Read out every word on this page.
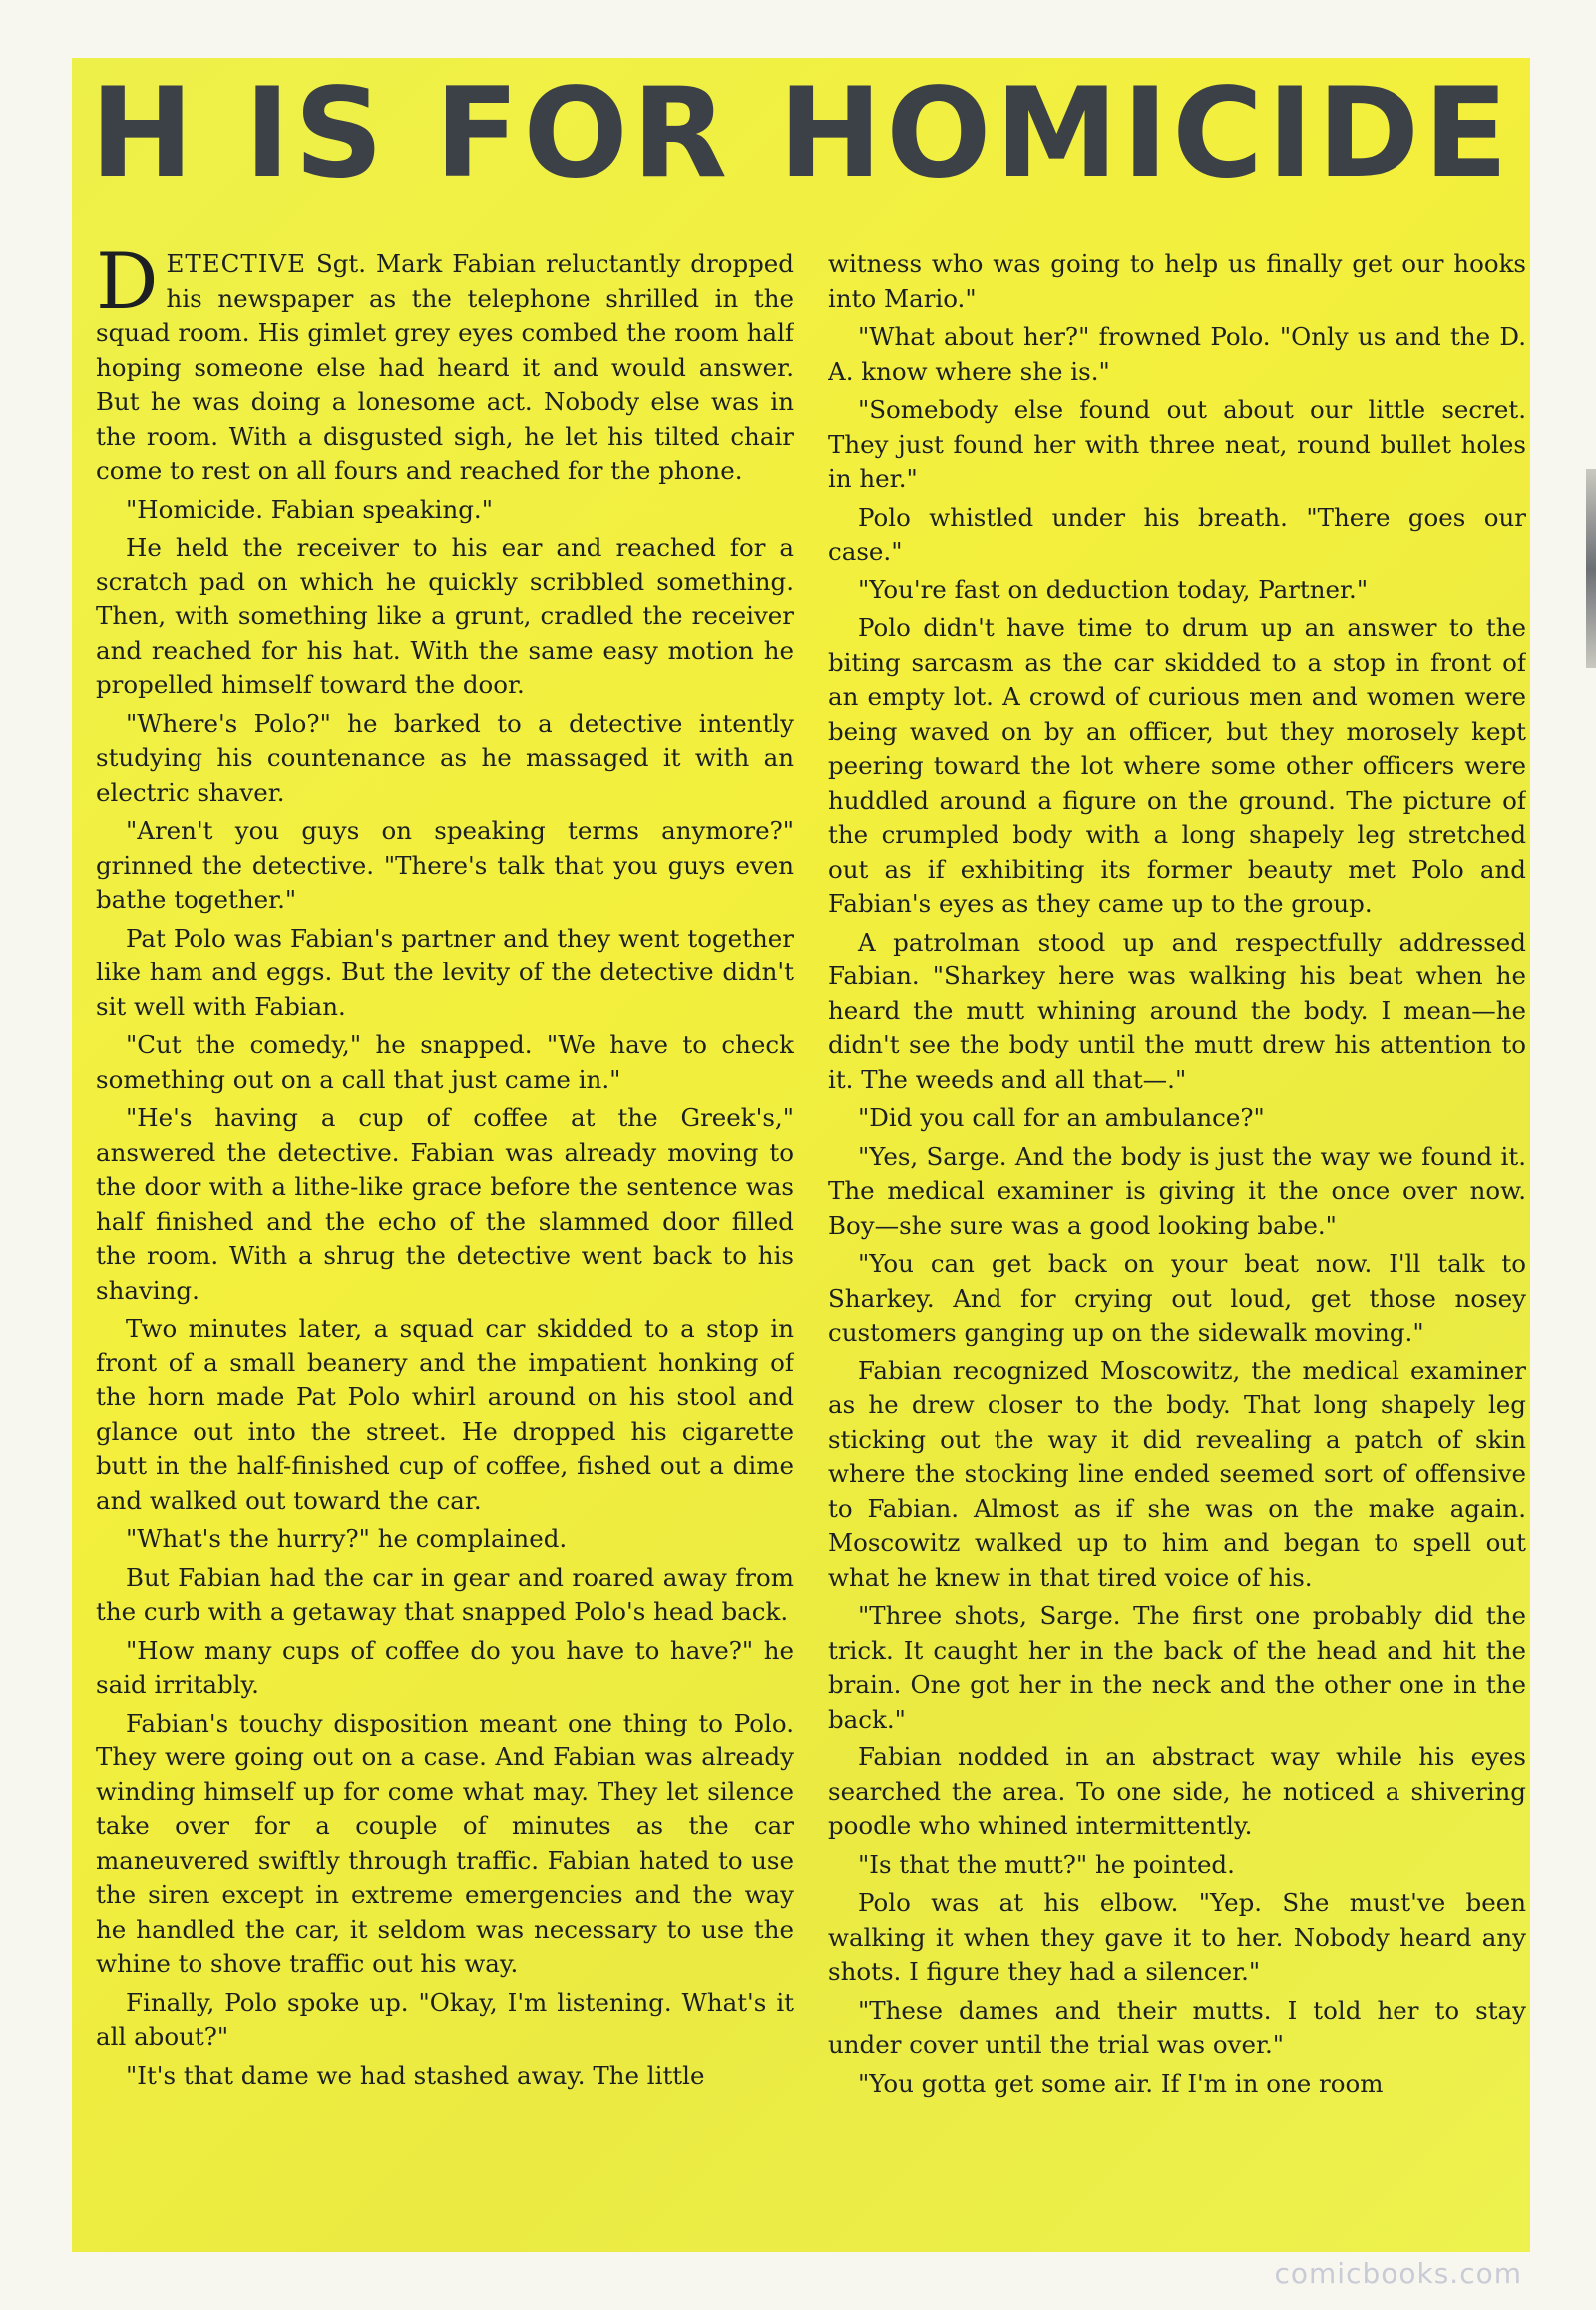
H IS FOR HOMICIDE

DETECTIVE Sgt. Mark Fabian reluctantly dropped his newspaper as the telephone shrilled in the squad room. His gimlet grey eyes combed the room half hoping someone else had heard it and would answer. But he was doing a lonesome act. Nobody else was in the room. With a disgusted sigh, he let his tilted chair come to rest on all fours and reached for the phone.

"Homicide. Fabian speaking."

He held the receiver to his ear and reached for a scratch pad on which he quickly scribbled something. Then, with something like a grunt, cradled the receiver and reached for his hat. With the same easy motion he propelled himself toward the door.

"Where's Polo?" he barked to a detective intently studying his countenance as he massaged it with an electric shaver.

"Aren't you guys on speaking terms anymore?" grinned the detective. "There's talk that you guys even bathe together."

Pat Polo was Fabian's partner and they went together like ham and eggs. But the levity of the detective didn't sit well with Fabian.

"Cut the comedy," he snapped. "We have to check something out on a call that just came in."

"He's having a cup of coffee at the Greek's," answered the detective. Fabian was already moving to the door with a lithe-like grace before the sentence was half finished and the echo of the slammed door filled the room. With a shrug the detective went back to his shaving.

Two minutes later, a squad car skidded to a stop in front of a small beanery and the impatient honking of the horn made Pat Polo whirl around on his stool and glance out into the street. He dropped his cigarette butt in the half-finished cup of coffee, fished out a dime and walked out toward the car.

"What's the hurry?" he complained.

But Fabian had the car in gear and roared away from the curb with a getaway that snapped Polo's head back.

"How many cups of coffee do you have to have?" he said irritably.

Fabian's touchy disposition meant one thing to Polo. They were going out on a case. And Fabian was already winding himself up for come what may. They let silence take over for a couple of minutes as the car maneuvered swiftly through traffic. Fabian hated to use the siren except in extreme emergencies and the way he handled the car, it seldom was necessary to use the whine to shove traffic out his way.

Finally, Polo spoke up. "Okay, I'm listening. What's it all about?"

"It's that dame we had stashed away. The little

witness who was going to help us finally get our hooks into Mario."

"What about her?" frowned Polo. "Only us and the D. A. know where she is."

"Somebody else found out about our little secret. They just found her with three neat, round bullet holes in her."

Polo whistled under his breath. "There goes our case."

"You're fast on deduction today, Partner."

Polo didn't have time to drum up an answer to the biting sarcasm as the car skidded to a stop in front of an empty lot. A crowd of curious men and women were being waved on by an officer, but they morosely kept peering toward the lot where some other officers were huddled around a figure on the ground. The picture of the crumpled body with a long shapely leg stretched out as if exhibiting its former beauty met Polo and Fabian's eyes as they came up to the group.

A patrolman stood up and respectfully addressed Fabian. "Sharkey here was walking his beat when he heard the mutt whining around the body. I mean—he didn't see the body until the mutt drew his attention to it. The weeds and all that—."

"Did you call for an ambulance?"

"Yes, Sarge. And the body is just the way we found it. The medical examiner is giving it the once over now. Boy—she sure was a good looking babe."

"You can get back on your beat now. I'll talk to Sharkey. And for crying out loud, get those nosey customers ganging up on the sidewalk moving."

Fabian recognized Moscowitz, the medical examiner as he drew closer to the body. That long shapely leg sticking out the way it did revealing a patch of skin where the stocking line ended seemed sort of offensive to Fabian. Almost as if she was on the make again. Moscowitz walked up to him and began to spell out what he knew in that tired voice of his.

"Three shots, Sarge. The first one probably did the trick. It caught her in the back of the head and hit the brain. One got her in the neck and the other one in the back."

Fabian nodded in an abstract way while his eyes searched the area. To one side, he noticed a shivering poodle who whined intermittently.

"Is that the mutt?" he pointed.

Polo was at his elbow. "Yep. She must've been walking it when they gave it to her. Nobody heard any shots. I figure they had a silencer."

"These dames and their mutts. I told her to stay under cover until the trial was over."

"You gotta get some air. If I'm in one room

comicbooks.com
